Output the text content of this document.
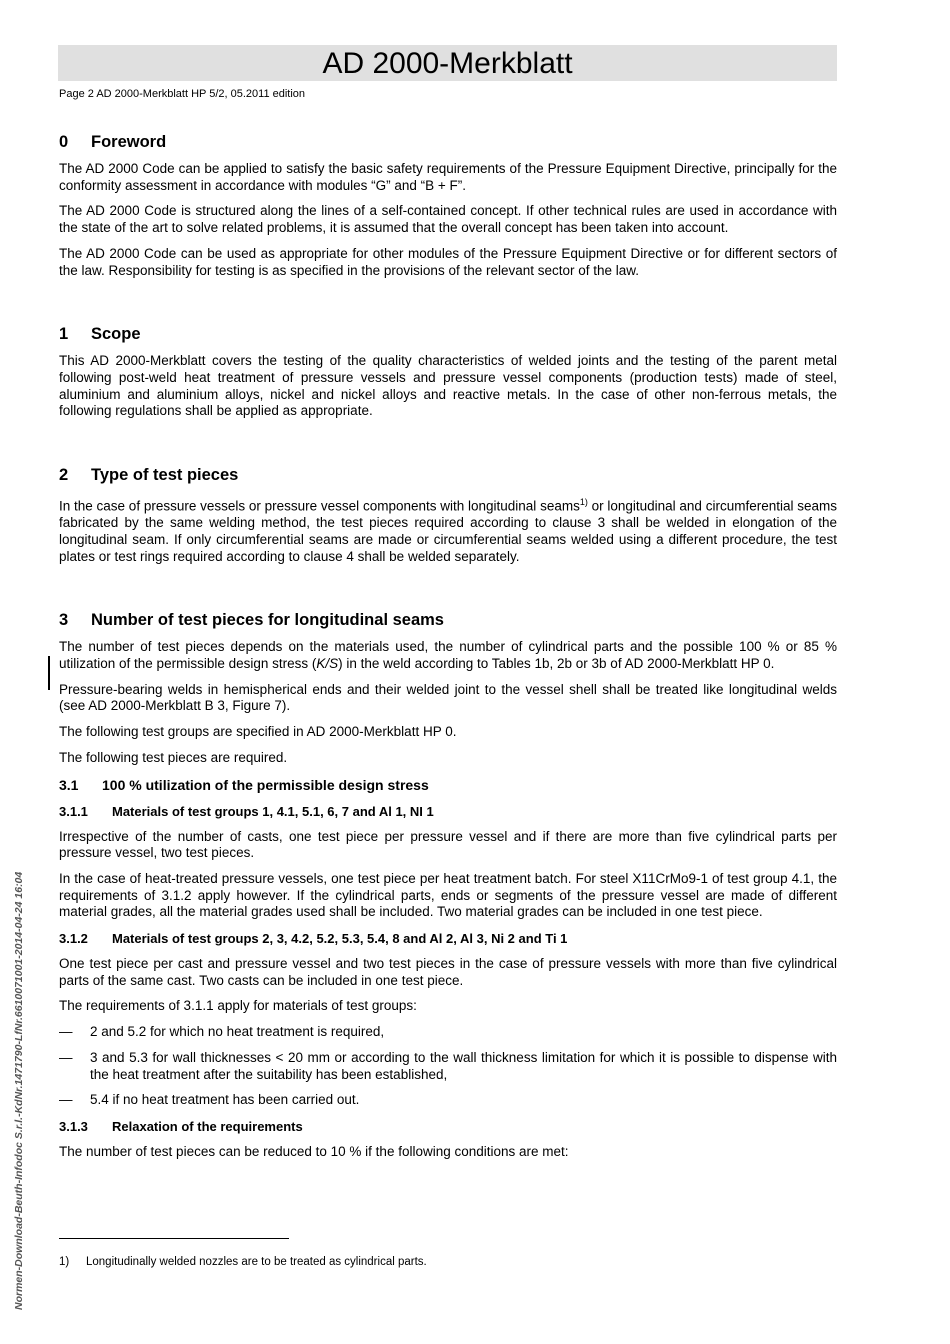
AD 2000-Merkblatt
Page 2 AD 2000-Merkblatt HP 5/2, 05.2011 edition
0 Foreword

The AD 2000 Code can be applied to satisfy the basic safety requirements of the Pressure Equipment Directive, principally for the conformity assessment in accordance with modules “G” and “B + F”.

The AD 2000 Code is structured along the lines of a self-contained concept. If other technical rules are used in accordance with the state of the art to solve related problems, it is assumed that the overall concept has been taken into account.

The AD 2000 Code can be used as appropriate for other modules of the Pressure Equipment Directive or for different sectors of the law. Responsibility for testing is as specified in the provisions of the relevant sector of the law.

1 Scope

This AD 2000-Merkblatt covers the testing of the quality characteristics of welded joints and the testing of the parent metal following post-weld heat treatment of pressure vessels and pressure vessel components (production tests) made of steel, aluminium and aluminium alloys, nickel and nickel alloys and reactive metals. In the case of other non-ferrous metals, the following regulations shall be applied as appropriate.

2 Type of test pieces

In the case of pressure vessels or pressure vessel components with longitudinal seams$^{1)}$ or longitudinal and circumferential seams fabricated by the same welding method, the test pieces required according to clause 3 shall be welded in elongation of the longitudinal seam. If only circumferential seams are made or circumferential seams welded using a different procedure, the test plates or test rings required according to clause 4 shall be welded separately.

3 Number of test pieces for longitudinal seams

The number of test pieces depends on the materials used, the number of cylindrical parts and the possible 100 % or 85 % utilization of the permissible design stress (K/S) in the weld according to Tables 1b, 2b or 3b of AD 2000-Merkblatt HP 0.

Pressure-bearing welds in hemispherical ends and their welded joint to the vessel shell shall be treated like longitudinal welds (see AD 2000-Merkblatt B 3, Figure 7).

The following test groups are specified in AD 2000-Merkblatt HP 0.

The following test pieces are required.

3.1 100 % utilization of the permissible design stress
3.1.1 Materials of test groups 1, 4.1, 5.1, 6, 7 and Al 1, NI 1

Irrespective of the number of casts, one test piece per pressure vessel and if there are more than five cylindrical parts per pressure vessel, two test pieces.

In the case of heat-treated pressure vessels, one test piece per heat treatment batch. For steel X11CrMo9-1 of test group 4.1, the requirements of 3.1.2 apply however. If the cylindrical parts, ends or segments of the pressure vessel are made of different material grades, all the material grades used shall be included. Two material grades can be included in one test piece.

3.1.2 Materials of test groups 2, 3, 4.2, 5.2, 5.3, 5.4, 8 and Al 2, Al 3, Ni 2 and Ti 1

One test piece per cast and pressure vessel and two test pieces in the case of pressure vessels with more than five cylindrical parts of the same cast. Two casts can be included in one test piece.

The requirements of 3.1.1 apply for materials of test groups:

— 2 and 5.2 for which no heat treatment is required,
— 3 and 5.3 for wall thicknesses < 20 mm or according to the wall thickness limitation for which it is possible to dispense with the heat treatment after the suitability has been established,
— 5.4 if no heat treatment has been carried out.
3.1.3 Relaxation of the requirements

The number of test pieces can be reduced to 10 % if the following conditions are met:

1) Longitudinally welded nozzles are to be treated as cylindrical parts.
Normen-Download-Beuth-Infodoc S.r.l.-KdNr.1471790-LfNr.6610071001-2014-04-24 16:04
